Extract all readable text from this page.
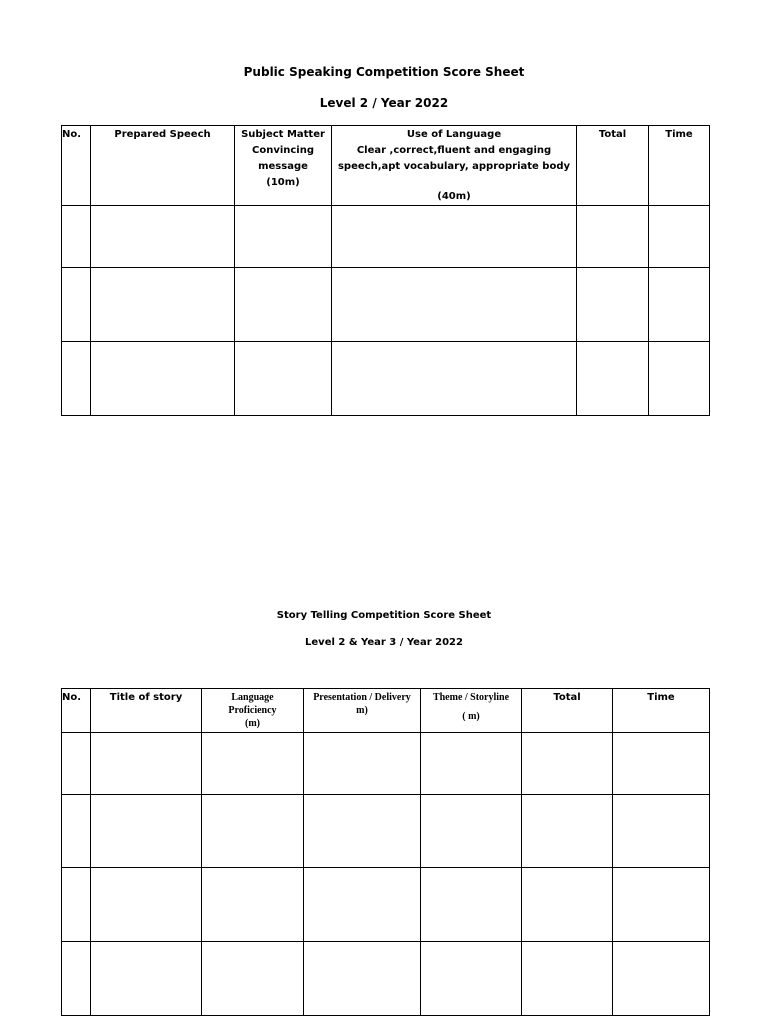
Public Speaking Competition Score Sheet
Level 2 / Year 2022
No.	Prepared Speech	Subject Matter
Convincing
message
(10m)	Use of Language
Clear ,correct,fluent and engaging
speech,apt vocabulary, appropriate body
(40m)	Total	Time

Story Telling Competition Score Sheet
Level 2 & Year 3 / Year 2022
No.	Title of story	Language
Proficiency
(m)	Presentation / Delivery
m)	Theme / Storyline
( m)	Total	Time
